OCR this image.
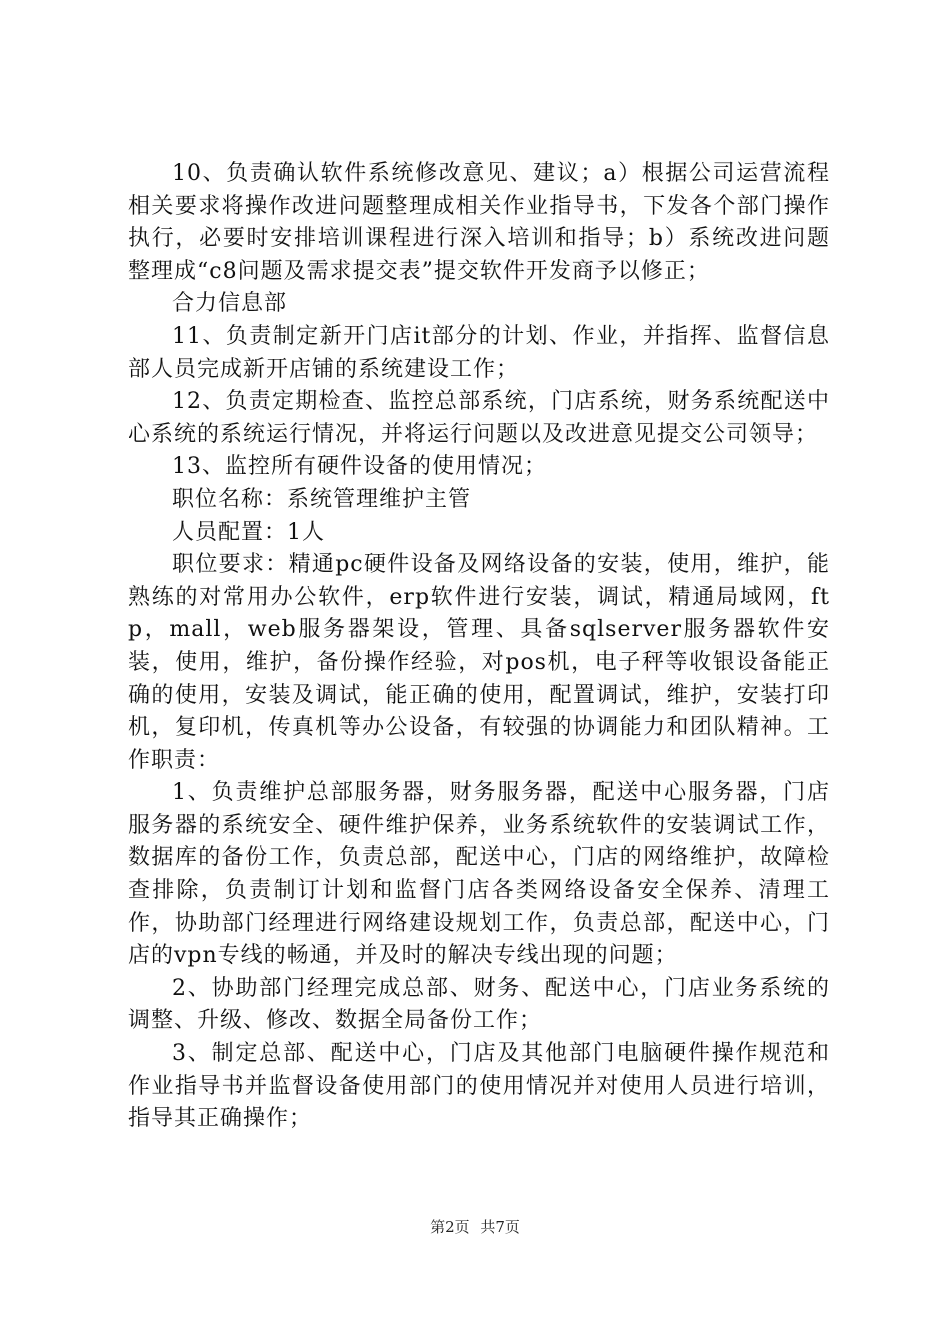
10、负责确认软件系统修改意见、建议；a）根据公司运营流程相关要求将操作改进问题整理成相关作业指导书，下发各个部门操作执行，必要时安排培训课程进行深入培训和指导；b）系统改进问题整理成“c8问题及需求提交表”提交软件开发商予以修正；

合力信息部

11、负责制定新开门店it部分的计划、作业，并指挥、监督信息部人员完成新开店铺的系统建设工作；

12、负责定期检查、监控总部系统，门店系统，财务系统配送中心系统的系统运行情况，并将运行问题以及改进意见提交公司领导；

13、监控所有硬件设备的使用情况；

职位名称：系统管理维护主管

人员配置：1人

职位要求：精通pc硬件设备及网络设备的安装，使用，维护，能熟练的对常用办公软件，erp软件进行安装，调试，精通局域网，ftp，mall，web服务器架设，管理、具备sqlserver服务器软件安装，使用，维护，备份操作经验，对pos机，电子秤等收银设备能正确的使用，安装及调试，能正确的使用，配置调试，维护，安装打印机，复印机，传真机等办公设备，有较强的协调能力和团队精神。工作职责：

1、负责维护总部服务器，财务服务器，配送中心服务器，门店服务器的系统安全、硬件维护保养，业务系统软件的安装调试工作，数据库的备份工作，负责总部，配送中心，门店的网络维护，故障检查排除，负责制订计划和监督门店各类网络设备安全保养、清理工作，协助部门经理进行网络建设规划工作，负责总部，配送中心，门店的vpn专线的畅通，并及时的解决专线出现的问题；

2、协助部门经理完成总部、财务、配送中心，门店业务系统的调整、升级、修改、数据全局备份工作；

3、制定总部、配送中心，门店及其他部门电脑硬件操作规范和作业指导书并监督设备使用部门的使用情况并对使用人员进行培训，指导其正确操作；

第2页 共7页
